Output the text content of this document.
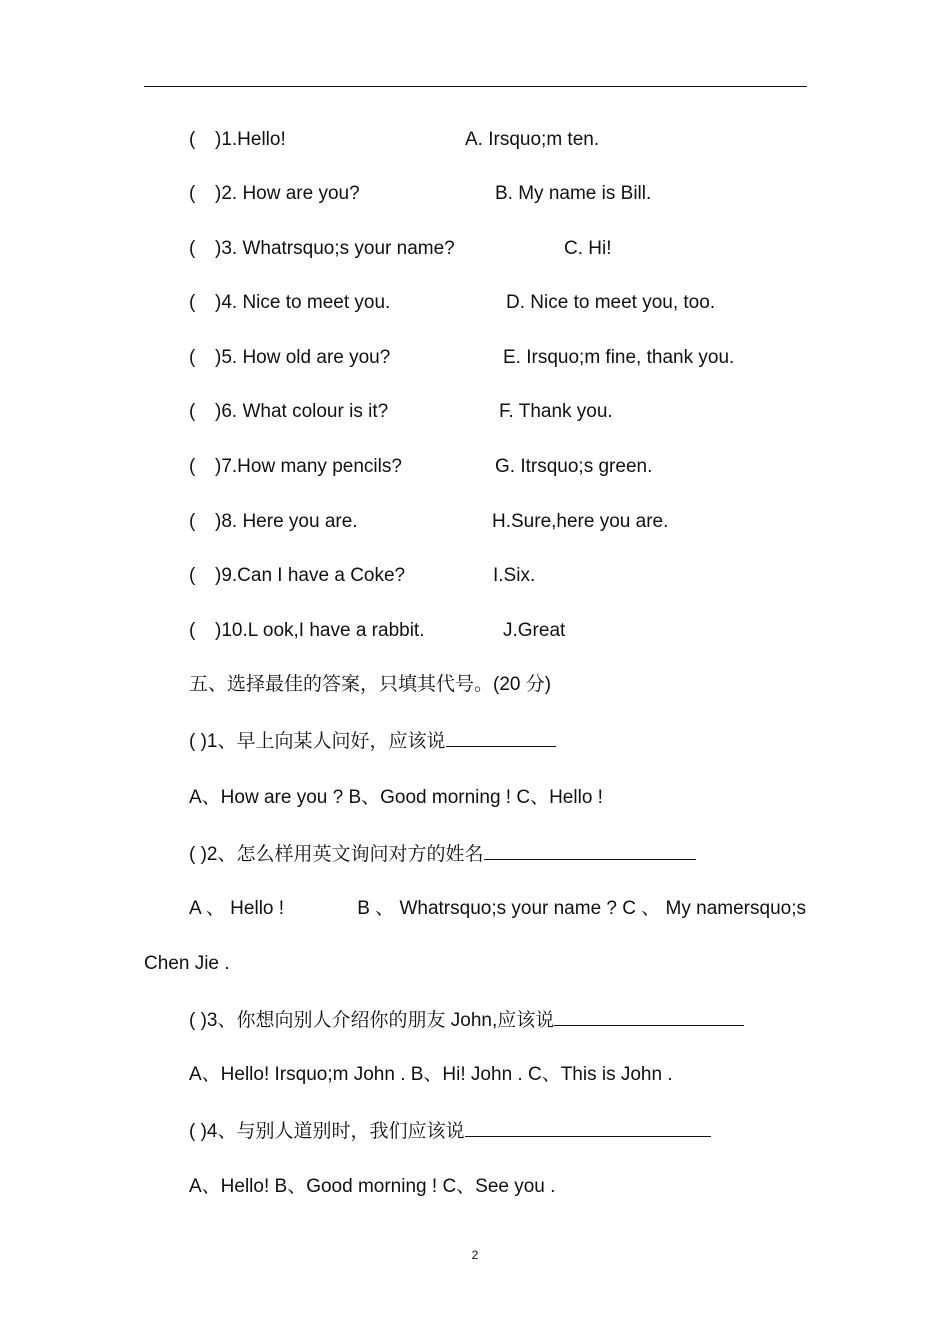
( )1.Hello!	A. Irsquo;m ten.
( )2. How are you?	B. My name is Bill.
( )3. Whatrsquo;s your name?	C. Hi!
( )4. Nice to meet you.	D. Nice to meet you, too.
( )5. How old are you?	E. Irsquo;m fine, thank you.
( )6. What colour is it?	F. Thank you.
( )7.How many pencils?	G. Itrsquo;s green.
( )8. Here you are.	H.Sure,here you are.
( )9.Can I have a Coke?	I.Six.
( )10.L ook,I have a rabbit.	J.Great
五、选择最佳的答案，只填其代号。(20 分)
( )1、早上向某人问好，应该说
A、How are you ? B、Good morning ! C、Hello !
( )2、怎么样用英文询问对方的姓名
A 、 Hello !	B 、 Whatrsquo;s your name ? C 、 My namersquo;s
Chen Jie .
( )3、你想向别人介绍你的朋友 John,应该说
A、Hello! Irsquo;m John . B、Hi! John . C、This is John .
( )4、与别人道别时，我们应该说
A、Hello! B、Good morning ! C、See you .
2
